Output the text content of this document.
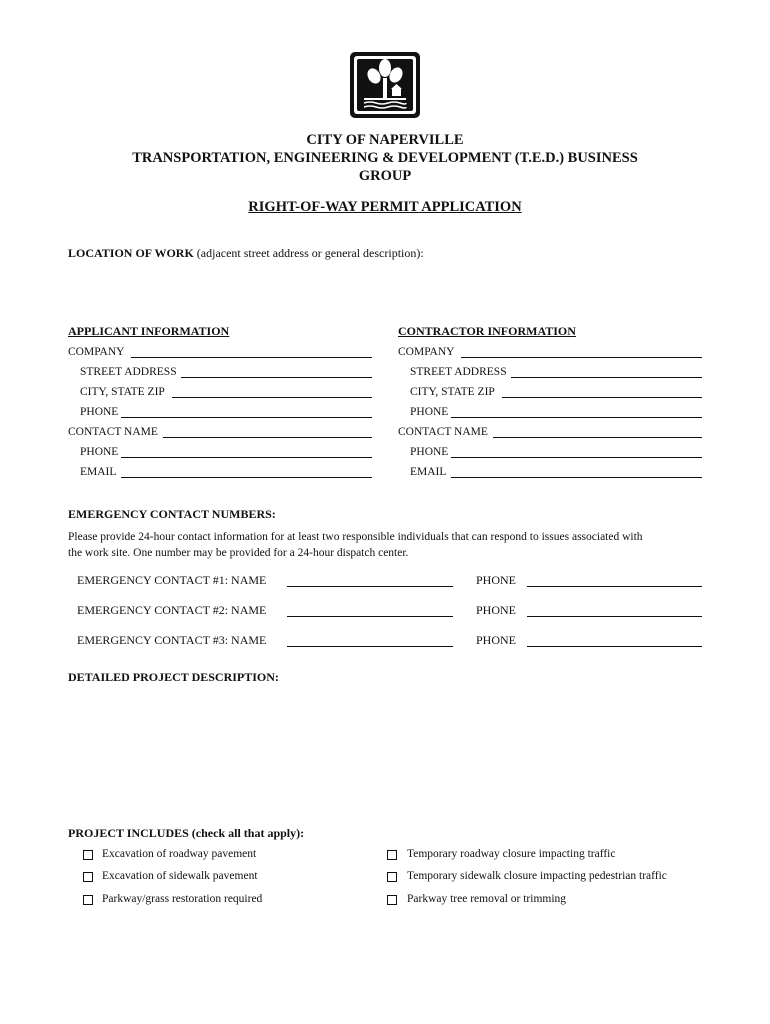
CITY OF NAPERVILLE
TRANSPORTATION, ENGINEERING & DEVELOPMENT (T.E.D.) BUSINESS
GROUP
RIGHT-OF-WAY PERMIT APPLICATION
LOCATION OF WORK (adjacent street address or general description):
APPLICANT INFORMATION
COMPANY
STREET ADDRESS
CITY, STATE ZIP
PHONE
CONTACT NAME
PHONE
EMAIL
CONTRACTOR INFORMATION
COMPANY
STREET ADDRESS
CITY, STATE ZIP
PHONE
CONTACT NAME
PHONE
EMAIL
EMERGENCY CONTACT NUMBERS:
Please provide 24-hour contact information for at least two responsible individuals that can respond to issues associated with
the work site. One number may be provided for a 24-hour dispatch center.
EMERGENCY CONTACT #1: NAME	PHONE
EMERGENCY CONTACT #2: NAME	PHONE
EMERGENCY CONTACT #3: NAME	PHONE
DETAILED PROJECT DESCRIPTION:
PROJECT INCLUDES (check all that apply):
Excavation of roadway pavement
Excavation of sidewalk pavement
Parkway/grass restoration required
Temporary roadway closure impacting traffic
Temporary sidewalk closure impacting pedestrian traffic
Parkway tree removal or trimming
